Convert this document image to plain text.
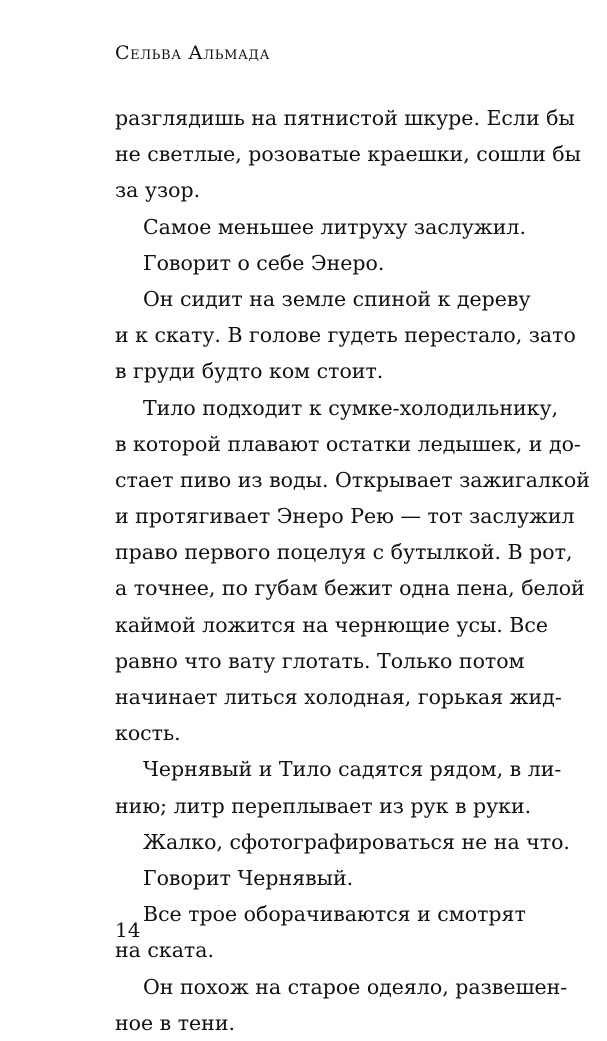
Сельва Альмада
разглядишь на пятнистой шкуре. Если бы
не светлые, розоватые краешки, сошли бы
за узор.
Самое меньшее литруху заслужил.
Говорит о себе Энеро.
Он сидит на земле спиной к дереву
и к скату. В голове гудеть перестало, зато
в груди будто ком стоит.
Тило подходит к сумке-холодильнику,
в которой плавают остатки ледышек, и до-
стает пиво из воды. Открывает зажигалкой
и протягивает Энеро Рею — тот заслужил
право первого поцелуя с бутылкой. В рот,
а точнее, по губам бежит одна пена, белой
каймой ложится на чернющие усы. Все
равно что вату глотать. Только потом
начинает литься холодная, горькая жид-
кость.
Чернявый и Тило садятся рядом, в ли-
нию; литр переплывает из рук в руки.
Жалко, сфотографироваться не на что.
Говорит Чернявый.
Все трое оборачиваются и смотрят
на ската.
Он похож на старое одеяло, развешен-
ное в тени.
14
